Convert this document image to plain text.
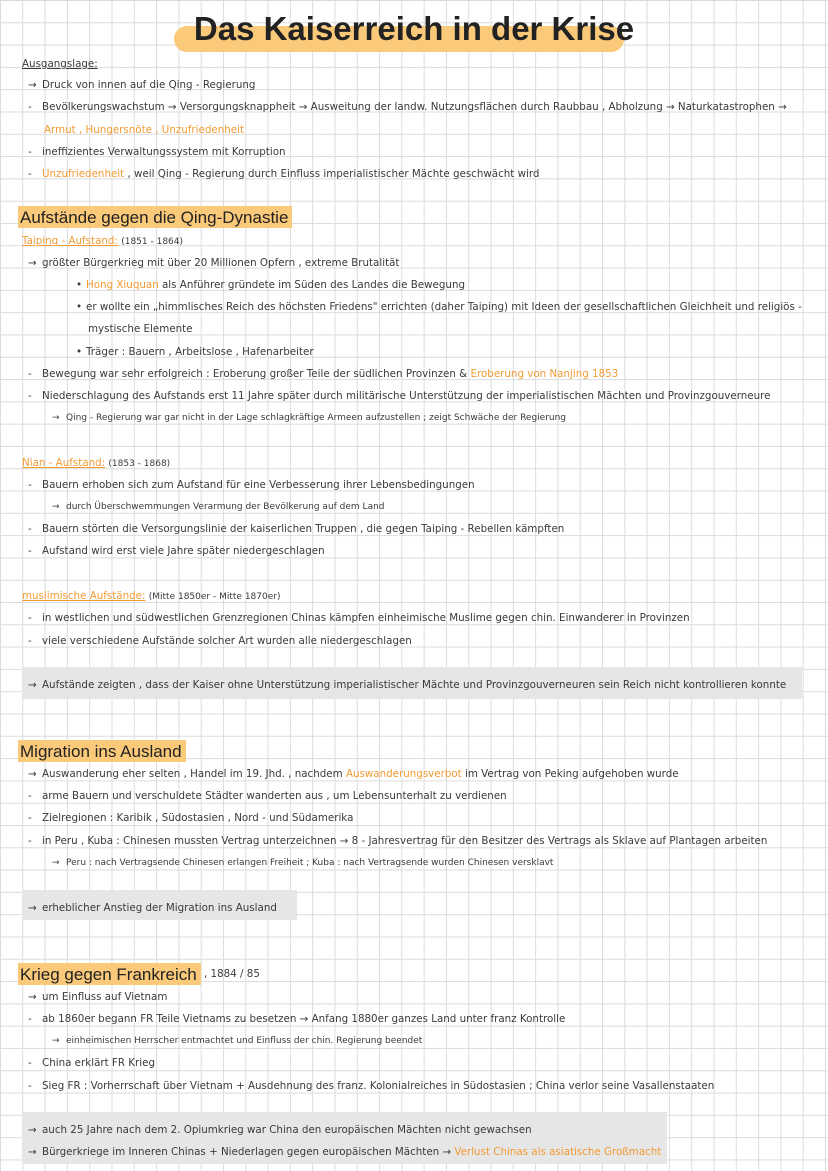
Das Kaiserreich in der Krise
Ausgangslage:
→ Druck von innen auf die Qing - Regierung
- Bevölkerungswachstum → Versorgungsknappheit → Ausweitung der landw. Nutzungsflächen durch Raubbau , Abholzung → Naturkatastrophen →
Armut , Hungersnöte , Unzufriedenheit
- ineffizientes Verwaltungssystem mit Korruption
- Unzufriedenheit , weil Qing - Regierung durch Einfluss imperialistischer Mächte geschwächt wird
Aufstände gegen die Qing-Dynastie
Taiping - Aufstand: (1851 - 1864)
→ größter Bürgerkrieg mit über 20 Millionen Opfern , extreme Brutalität
• Hong Xiuquan als Anführer gründete im Süden des Landes die Bewegung
• er wollte ein „himmlisches Reich des höchsten Friedens" errichten (daher Taiping) mit Ideen der gesellschaftlichen Gleichheit und religiös -
mystische Elemente
• Träger : Bauern , Arbeitslose , Hafenarbeiter
- Bewegung war sehr erfolgreich : Eroberung großer Teile der südlichen Provinzen & Eroberung von Nanjing 1853
- Niederschlagung des Aufstands erst 11 Jahre später durch militärische Unterstützung der imperialistischen Mächten und Provinzgouverneure
→ Qing - Regierung war gar nicht in der Lage schlagkräftige Armeen aufzustellen ; zeigt Schwäche der Regierung
Nian - Aufstand: (1853 - 1868)
- Bauern erhoben sich zum Aufstand für eine Verbesserung ihrer Lebensbedingungen
→ durch Überschwemmungen Verarmung der Bevölkerung auf dem Land
- Bauern störten die Versorgungslinie der kaiserlichen Truppen , die gegen Taiping - Rebellen kämpften
- Aufstand wird erst viele Jahre später niedergeschlagen
muslimische Aufstände: (Mitte 1850er - Mitte 1870er)
- in westlichen und südwestlichen Grenzregionen Chinas kämpfen einheimische Muslime gegen chin. Einwanderer in Provinzen
- viele verschiedene Aufstände solcher Art wurden alle niedergeschlagen
→ Aufstände zeigten , dass der Kaiser ohne Unterstützung imperialistischer Mächte und Provinzgouverneuren sein Reich nicht kontrollieren konnte
Migration ins Ausland
→ Auswanderung eher selten , Handel im 19. Jhd. , nachdem Auswanderungsverbot im Vertrag von Peking aufgehoben wurde
- arme Bauern und verschuldete Städter wanderten aus , um Lebensunterhalt zu verdienen
- Zielregionen : Karibik , Südostasien , Nord - und Südamerika
- in Peru , Kuba : Chinesen mussten Vertrag unterzeichnen → 8 - Jahresvertrag für den Besitzer des Vertrags als Sklave auf Plantagen arbeiten
→ Peru : nach Vertragsende Chinesen erlangen Freiheit ; Kuba : nach Vertragsende wurden Chinesen versklavt
→ erheblicher Anstieg der Migration ins Ausland
Krieg gegen Frankreich , 1884 / 85
→ um Einfluss auf Vietnam
- ab 1860er begann FR Teile Vietnams zu besetzen → Anfang 1880er ganzes Land unter franz Kontrolle
→ einheimischen Herrscher entmachtet und Einfluss der chin. Regierung beendet
- China erklärt FR Krieg
- Sieg FR : Vorherrschaft über Vietnam + Ausdehnung des franz. Kolonialreiches in Südostasien ; China verlor seine Vasallenstaaten
→ auch 25 Jahre nach dem 2. Opiumkrieg war China den europäischen Mächten nicht gewachsen
→ Bürgerkriege im Inneren Chinas + Niederlagen gegen europäischen Mächten → Verlust Chinas als asiatische Großmacht
